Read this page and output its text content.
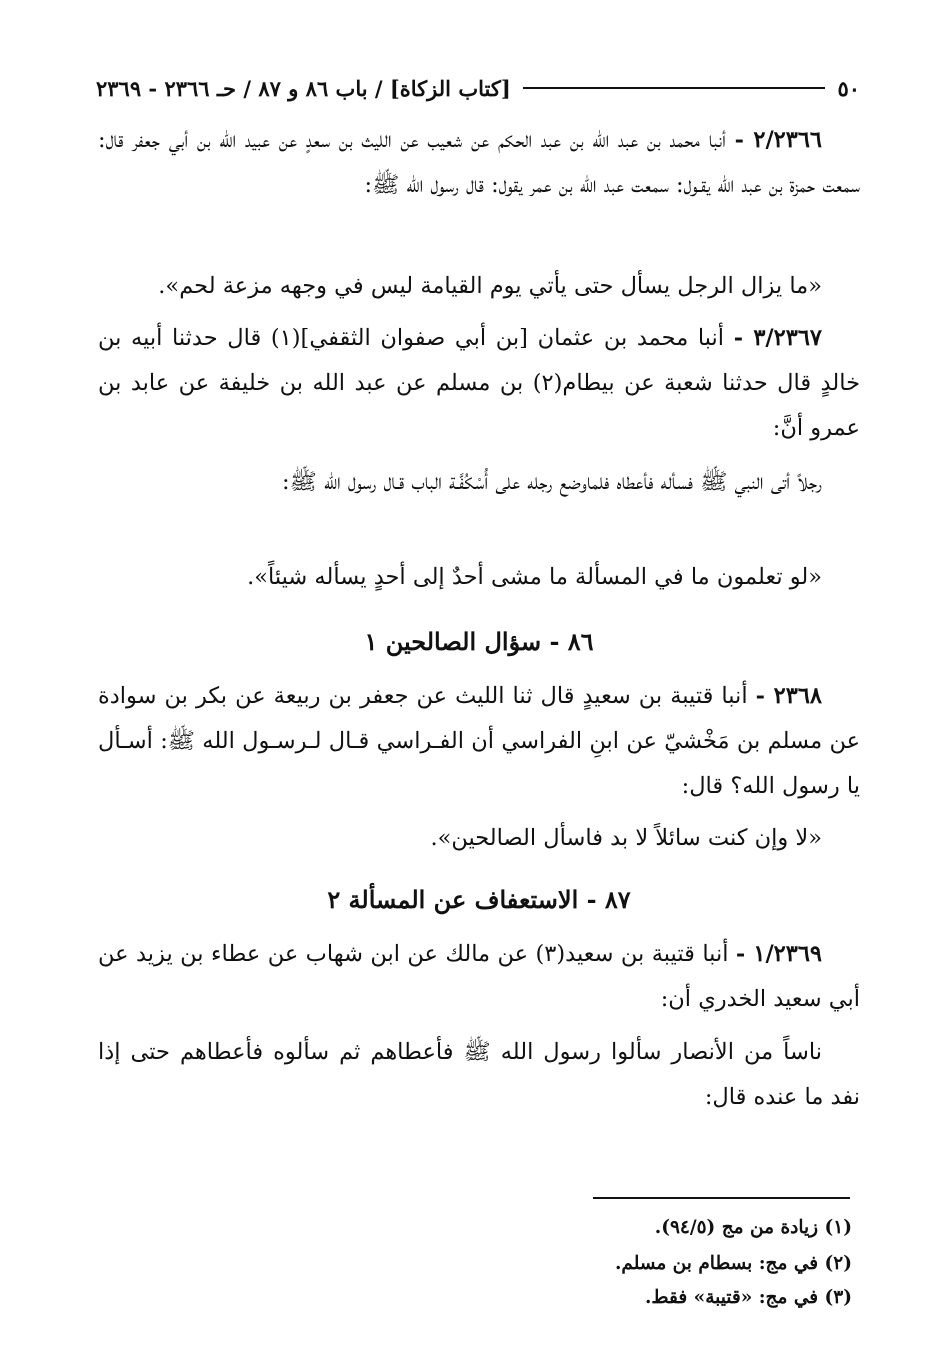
٥٠
[كتاب الزكاة] / باب ٨٦ و ٨٧ / حـ ٢٣٦٦ - ٢٣٦٩
٢/٢٣٦٦ - أنبا محمد بن عبد الله بن عبد الحكم عن شعيب عن الليث بن سعدٍ عن عبيد الله بن أبي جعفر قال: سمعت حمزة بن عبد الله يقـول: سمعت عبد الله بن عمر يقول: قال رسول الله ﷺ:
«ما يزال الرجل يسأل حتى يأتي يوم القيامة ليس في وجهه مزعة لحم».
٣/٢٣٦٧ - أنبا محمد بن عثمان [بن أبي صفوان الثقفي](١) قال حدثنا أبيه بن خالدٍ قال حدثنا شعبة عن بيطام(٢) بن مسلم عن عبد الله بن خليفة عن عابد بن عمرو أنَّ:
رجلاً أتى النبي ﷺ فسأله فأعطاه فلماوضع رجله على أُسْكُفَّـة الباب قـال رسول الله ﷺ:
«لو تعلمون ما في المسألة ما مشى أحدٌ إلى أحدٍ يسأله شيئاً».
٨٦ - سؤال الصالحين ١
٢٣٦٨ - أنبا قتيبة بن سعيدٍ قال ثنا الليث عن جعفر بن ربيعة عن بكر بن سوادة عن مسلم بن مَخْشيّ عن ابنِ الفراسي أن الفـراسي قـال لـرسـول الله ﷺ: أسـأل يا رسول الله؟ قال:
«لا وإن كنت سائلاً لا بد فاسأل الصالحين».
٨٧ - الاستعفاف عن المسألة ٢
١/٢٣٦٩ - أنبا قتيبة بن سعيد(٣) عن مالك عن ابن شهاب عن عطاء بن يزيد عن أبي سعيد الخدري أن:
ناساً من الأنصار سألوا رسول الله ﷺ فأعطاهم ثم سألوه فأعطاهم حتى إذا نفد ما عنده قال:
(١) زيادة من مج (٩٤/٥).
(٢) في مج: بسطام بن مسلم.
(٣) في مج: «قتيبة» فقط.
